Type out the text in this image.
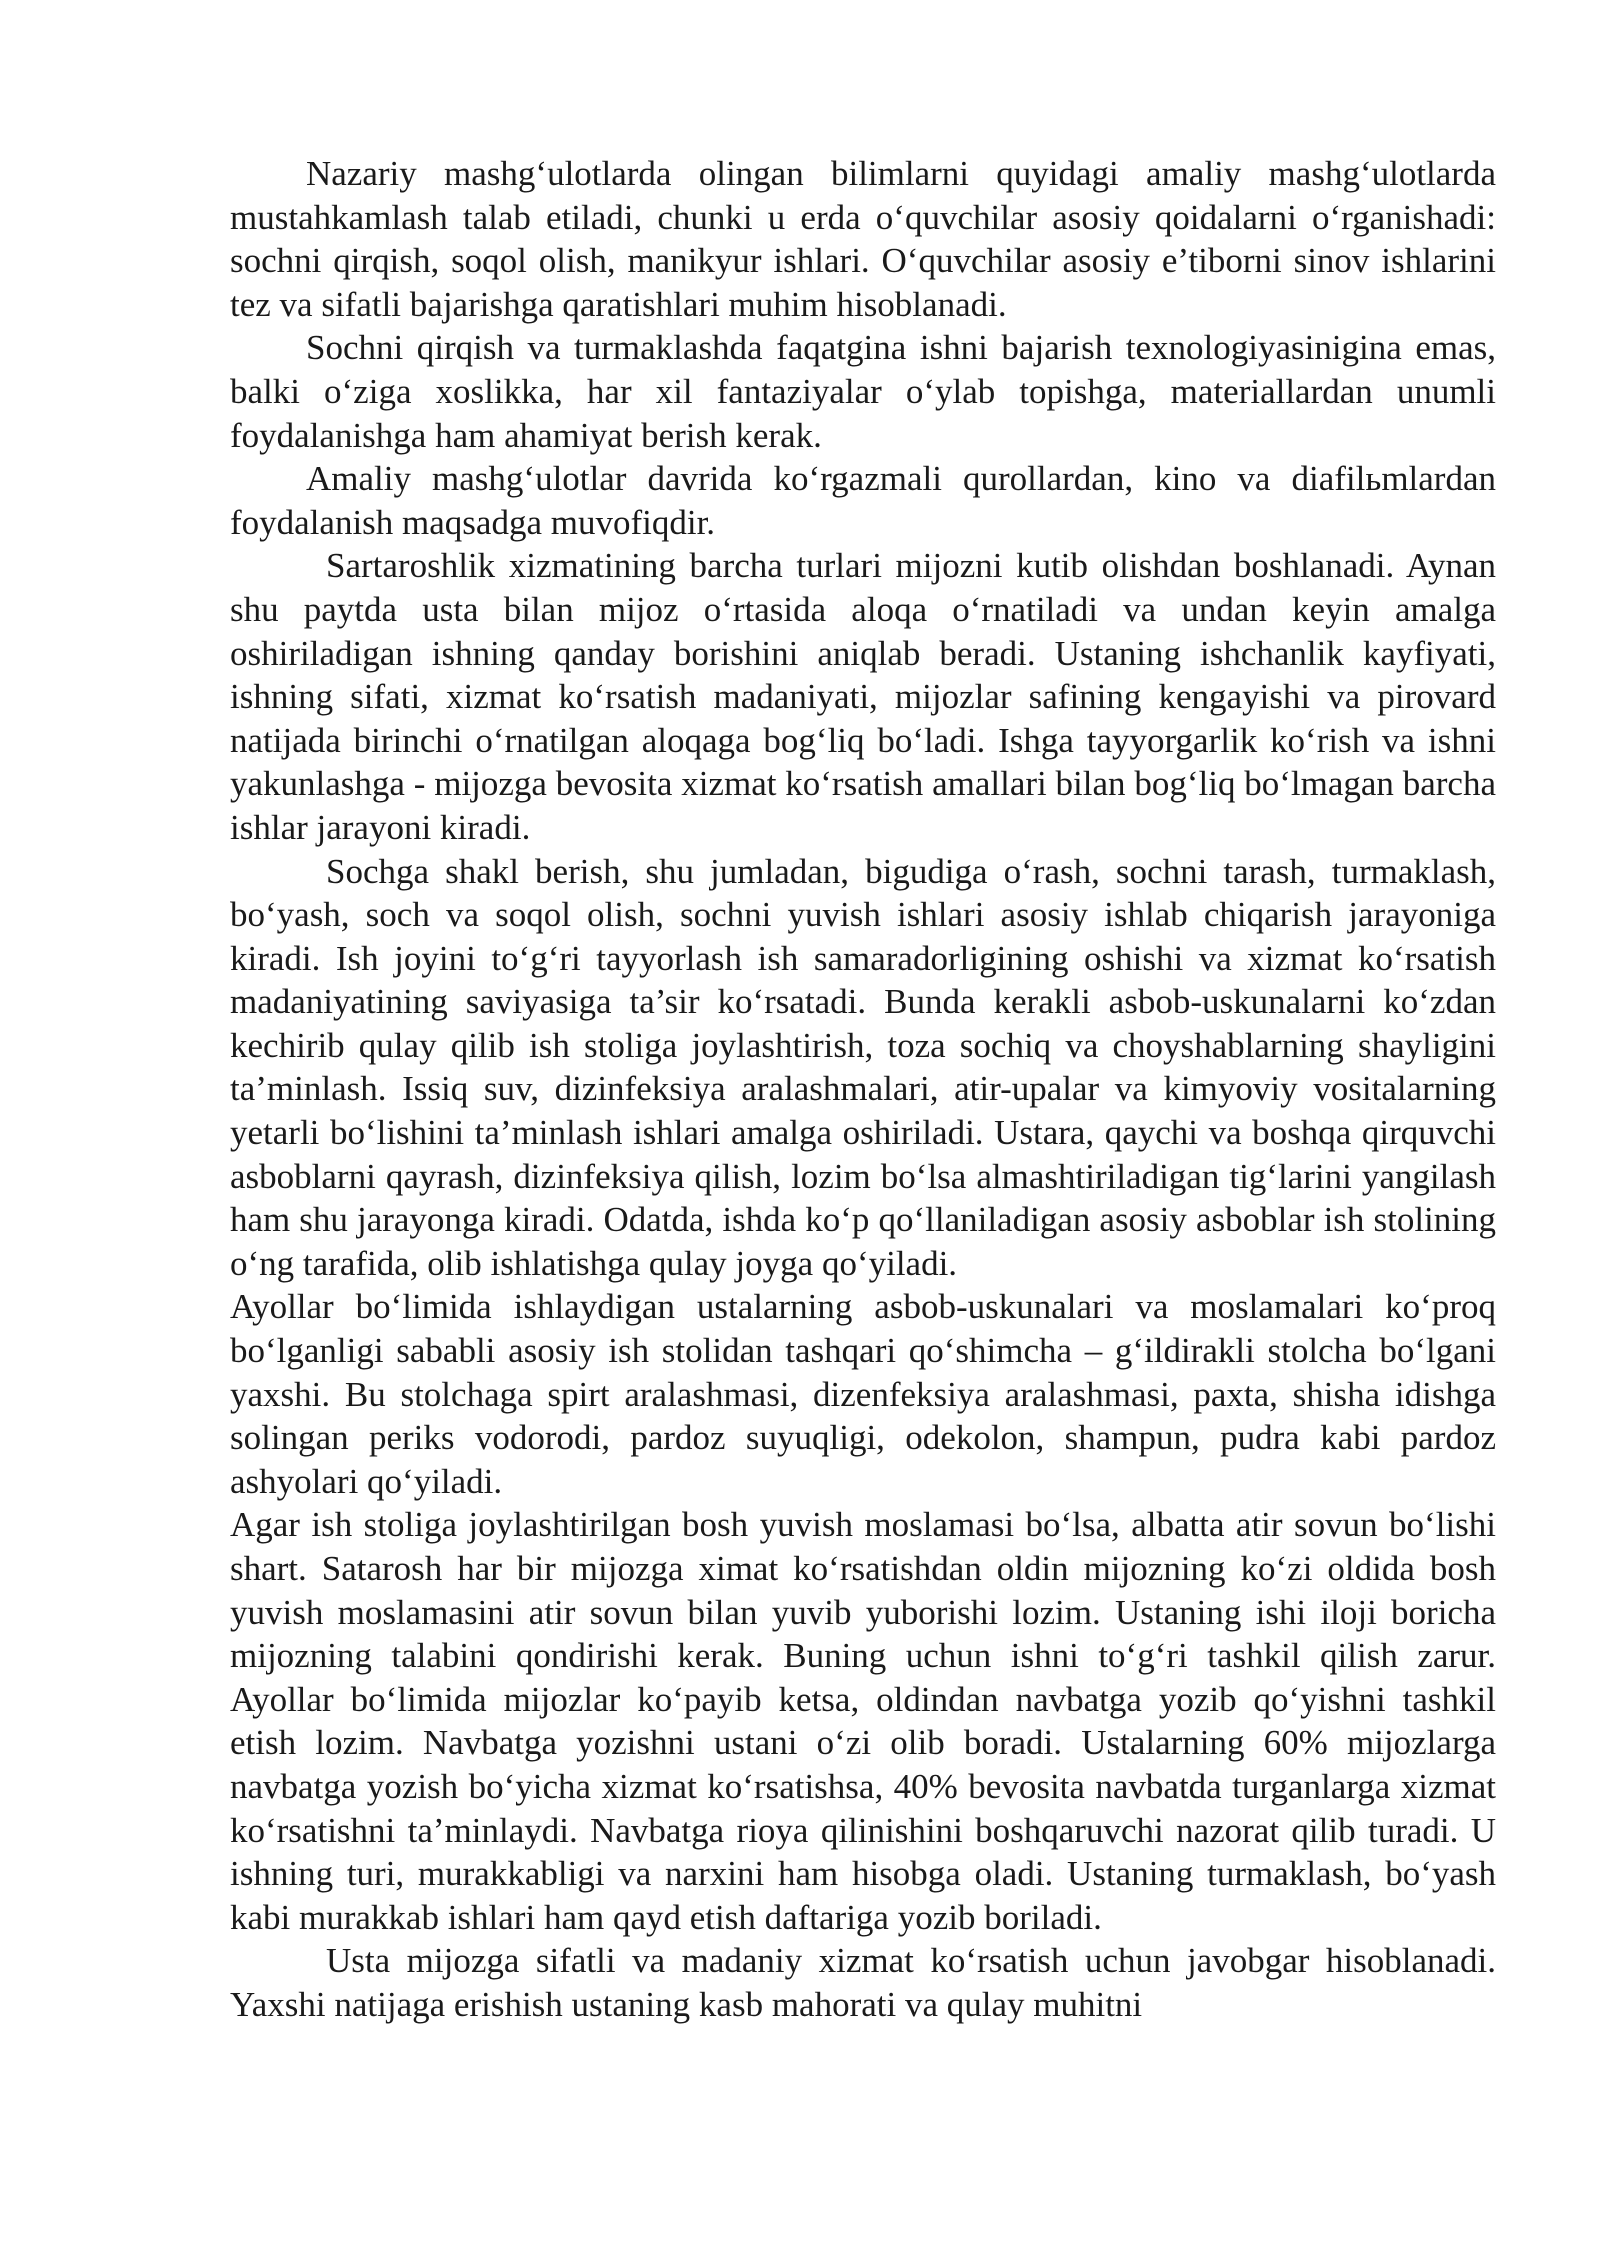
Nazariy mashg‘ulotlarda olingan bilimlarni quyidagi amaliy mashg‘ulotlarda mustahkamlash talab etiladi, chunki u erda o‘quvchilar asosiy qoidalarni o‘rganishadi: sochni qirqish, soqol olish, manikyur ishlari. O‘quvchilar asosiy e’tiborni sinov ishlarini tez va sifatli bajarishga qaratishlari muhim hisoblanadi.

Sochni qirqish va turmaklashda faqatgina ishni bajarish texnologiyasinigina emas, balki o‘ziga xoslikka, har xil fantaziyalar o‘ylab topishga, materiallardan unumli foydalanishga ham ahamiyat berish kerak.

Amaliy mashg‘ulotlar davrida ko‘rgazmali qurollardan, kino va diafilьmlardan foydalanish maqsadga muvofiqdir.

Sartaroshlik xizmatining barcha turlari mijozni kutib olishdan boshlanadi. Aynan shu paytda usta bilan mijoz o‘rtasida aloqa o‘rnatiladi va undan keyin amalga oshiriladigan ishning qanday borishini aniqlab beradi. Ustaning ishchanlik kayfiyati, ishning sifati, xizmat ko‘rsatish madaniyati, mijozlar safining kengayishi va pirovard natijada birinchi o‘rnatilgan aloqaga bog‘liq bo‘ladi. Ishga tayyorgarlik ko‘rish va ishni yakunlashga - mijozga bevosita xizmat ko‘rsatish amallari bilan bog‘liq bo‘lmagan barcha ishlar jarayoni kiradi.

Sochga shakl berish, shu jumladan, bigudiga o‘rash, sochni tarash, turmaklash, bo‘yash, soch va soqol olish, sochni yuvish ishlari asosiy ishlab chiqarish jarayoniga kiradi. Ish joyini to‘g‘ri tayyorlash ish samaradorligining oshishi va xizmat ko‘rsatish madaniyatining saviyasiga ta’sir ko‘rsatadi. Bunda kerakli asbob-uskunalarni ko‘zdan kechirib qulay qilib ish stoliga joylashtirish, toza sochiq va choyshablarning shayligini ta’minlash. Issiq suv, dizinfeksiya aralashmalari, atir-upalar va kimyoviy vositalarning yetarli bo‘lishini ta’minlash ishlari amalga oshiriladi. Ustara, qaychi va boshqa qirquvchi asboblarni qayrash, dizinfeksiya qilish, lozim bo‘lsa almashtiriladigan tig‘larini yangilash ham shu jarayonga kiradi. Odatda, ishda ko‘p qo‘llaniladigan asosiy asboblar ish stolining o‘ng tarafida, olib ishlatishga qulay joyga qo‘yiladi.

Ayollar bo‘limida ishlaydigan ustalarning asbob-uskunalari va moslamalari ko‘proq bo‘lganligi sababli asosiy ish stolidan tashqari qo‘shimcha – g‘ildirakli stolcha bo‘lgani yaxshi. Bu stolchaga spirt aralashmasi, dizenfeksiya aralashmasi, paxta, shisha idishga solingan periks vodorodi, pardoz suyuqligi, odekolon, shampun, pudra kabi pardoz ashyolari qo‘yiladi.

Agar ish stoliga joylashtirilgan bosh yuvish moslamasi bo‘lsa, albatta atir sovun bo‘lishi shart. Satarosh har bir mijozga ximat ko‘rsatishdan oldin mijozning ko‘zi oldida bosh yuvish moslamasini atir sovun bilan yuvib yuborishi lozim. Ustaning ishi iloji boricha mijozning talabini qondirishi kerak. Buning uchun ishni to‘g‘ri tashkil qilish zarur. Ayollar bo‘limida mijozlar ko‘payib ketsa, oldindan navbatga yozib qo‘yishni tashkil etish lozim. Navbatga yozishni ustani o‘zi olib boradi. Ustalarning 60% mijozlarga navbatga yozish bo‘yicha xizmat ko‘rsatishsa, 40% bevosita navbatda turganlarga xizmat ko‘rsatishni ta’minlaydi. Navbatga rioya qilinishini boshqaruvchi nazorat qilib turadi. U ishning turi, murakkabligi va narxini ham hisobga oladi. Ustaning turmaklash, bo‘yash kabi murakkab ishlari ham qayd etish daftariga yozib boriladi.

Usta mijozga sifatli va madaniy xizmat ko‘rsatish uchun javobgar hisoblanadi. Yaxshi natijaga erishish ustaning kasb mahorati va qulay muhitni
